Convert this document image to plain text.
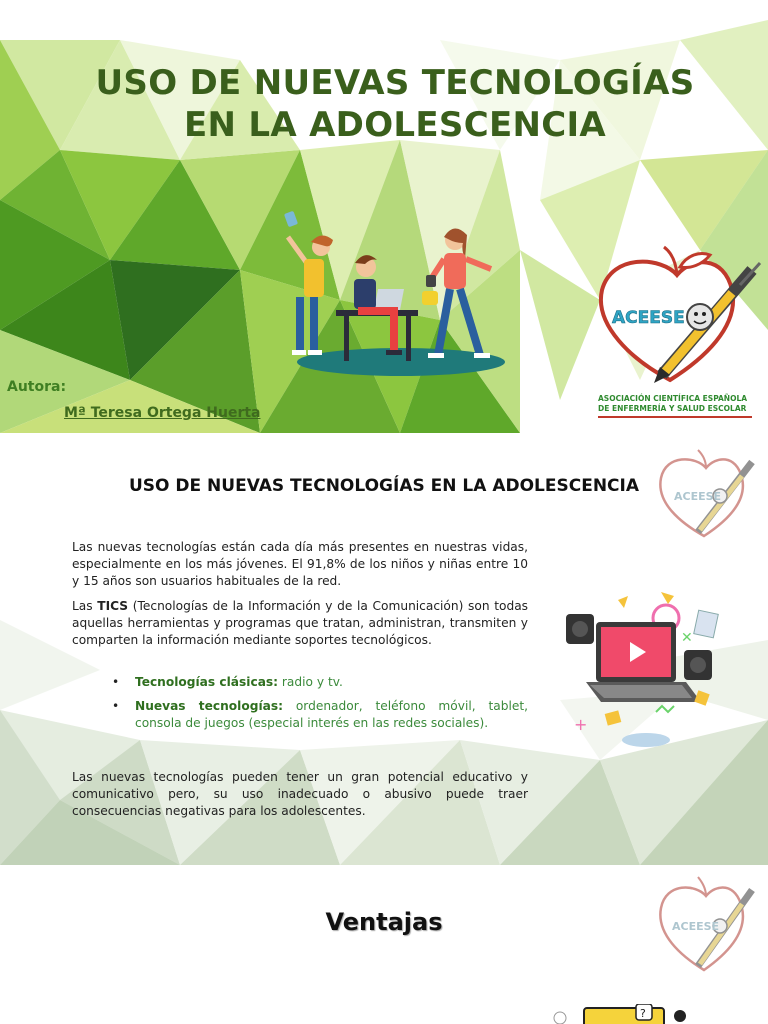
USO DE NUEVAS TECNOLOGÍAS
EN LA ADOLESCENCIA
Autora:
Mª Teresa Ortega Huerta
ACEESE
ASOCIACIÓN CIENTÍFICA ESPAÑOLA
DE ENFERMERÍA Y SALUD ESCOLAR
USO DE NUEVAS TECNOLOGÍAS EN LA ADOLESCENCIA
ACEESE

Las nuevas tecnologías están cada día más presentes en nuestras vidas, especialmente en los más jóvenes. El 91,8% de los niños y niñas entre 10 y 15 años son usuarios habituales de la red.

Las TICS (Tecnologías de la Información y de la Comunicación) son todas aquellas herramientas y programas que tratan, administran, transmiten y comparten la información mediante soportes tecnológicos.

• Tecnologías clásicas: radio y tv.
• Nuevas tecnologías: ordenador, teléfono móvil, tablet, consola de juegos (especial interés en las redes sociales).

Las nuevas tecnologías pueden tener un gran potencial educativo y comunicativo pero, su uso inadecuado o abusivo puede traer consecuencias negativas para los adolescentes.

✕
+
Ventajas	ACEESE
?
